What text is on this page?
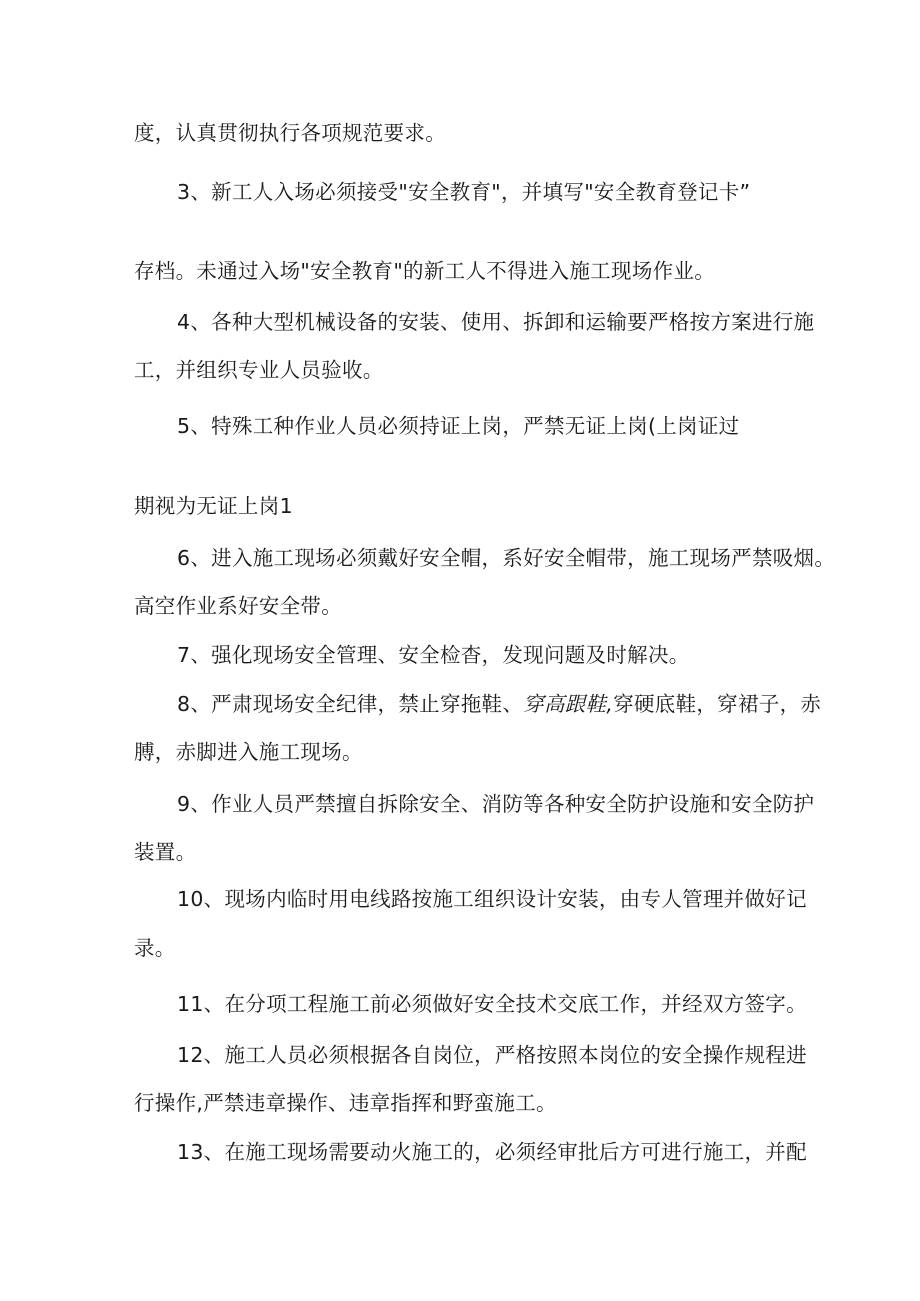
度，认真贯彻执行各项规范要求。

3、新工人入场必须接受"安全教育"，并填写"安全教育登记卡”

存档。未通过入场"安全教育"的新工人不得进入施工现场作业。

4、各种大型机械设备的安装、使用、拆卸和运输要严格按方案进行施

工，并组织专业人员验收。

5、特殊工种作业人员必须持证上岗，严禁无证上岗(上岗证过

期视为无证上岗1

6、进入施工现场必须戴好安全帽，系好安全帽带，施工现场严禁吸烟。

高空作业系好安全带。

7、强化现场安全管理、安全检杳，发现问题及时解决。

8、严肃现场安全纪律，禁止穿拖鞋、穿高跟鞋,穿硬底鞋，穿裙子，赤

膊，赤脚进入施工现场。

9、作业人员严禁擅自拆除安全、消防等各种安全防护设施和安全防护

装置。

10、现场内临时用电线路按施工组织设计安装，由专人管理并做好记

录。

11、在分项工程施工前必须做好安全技术交底工作，并经双方签字。

12、施工人员必须根据各自岗位，严格按照本岗位的安全操作规程进

行操作,严禁违章操作、违章指挥和野蛮施工。

13、在施工现场需要动火施工的，必须经审批后方可进行施工，并配
